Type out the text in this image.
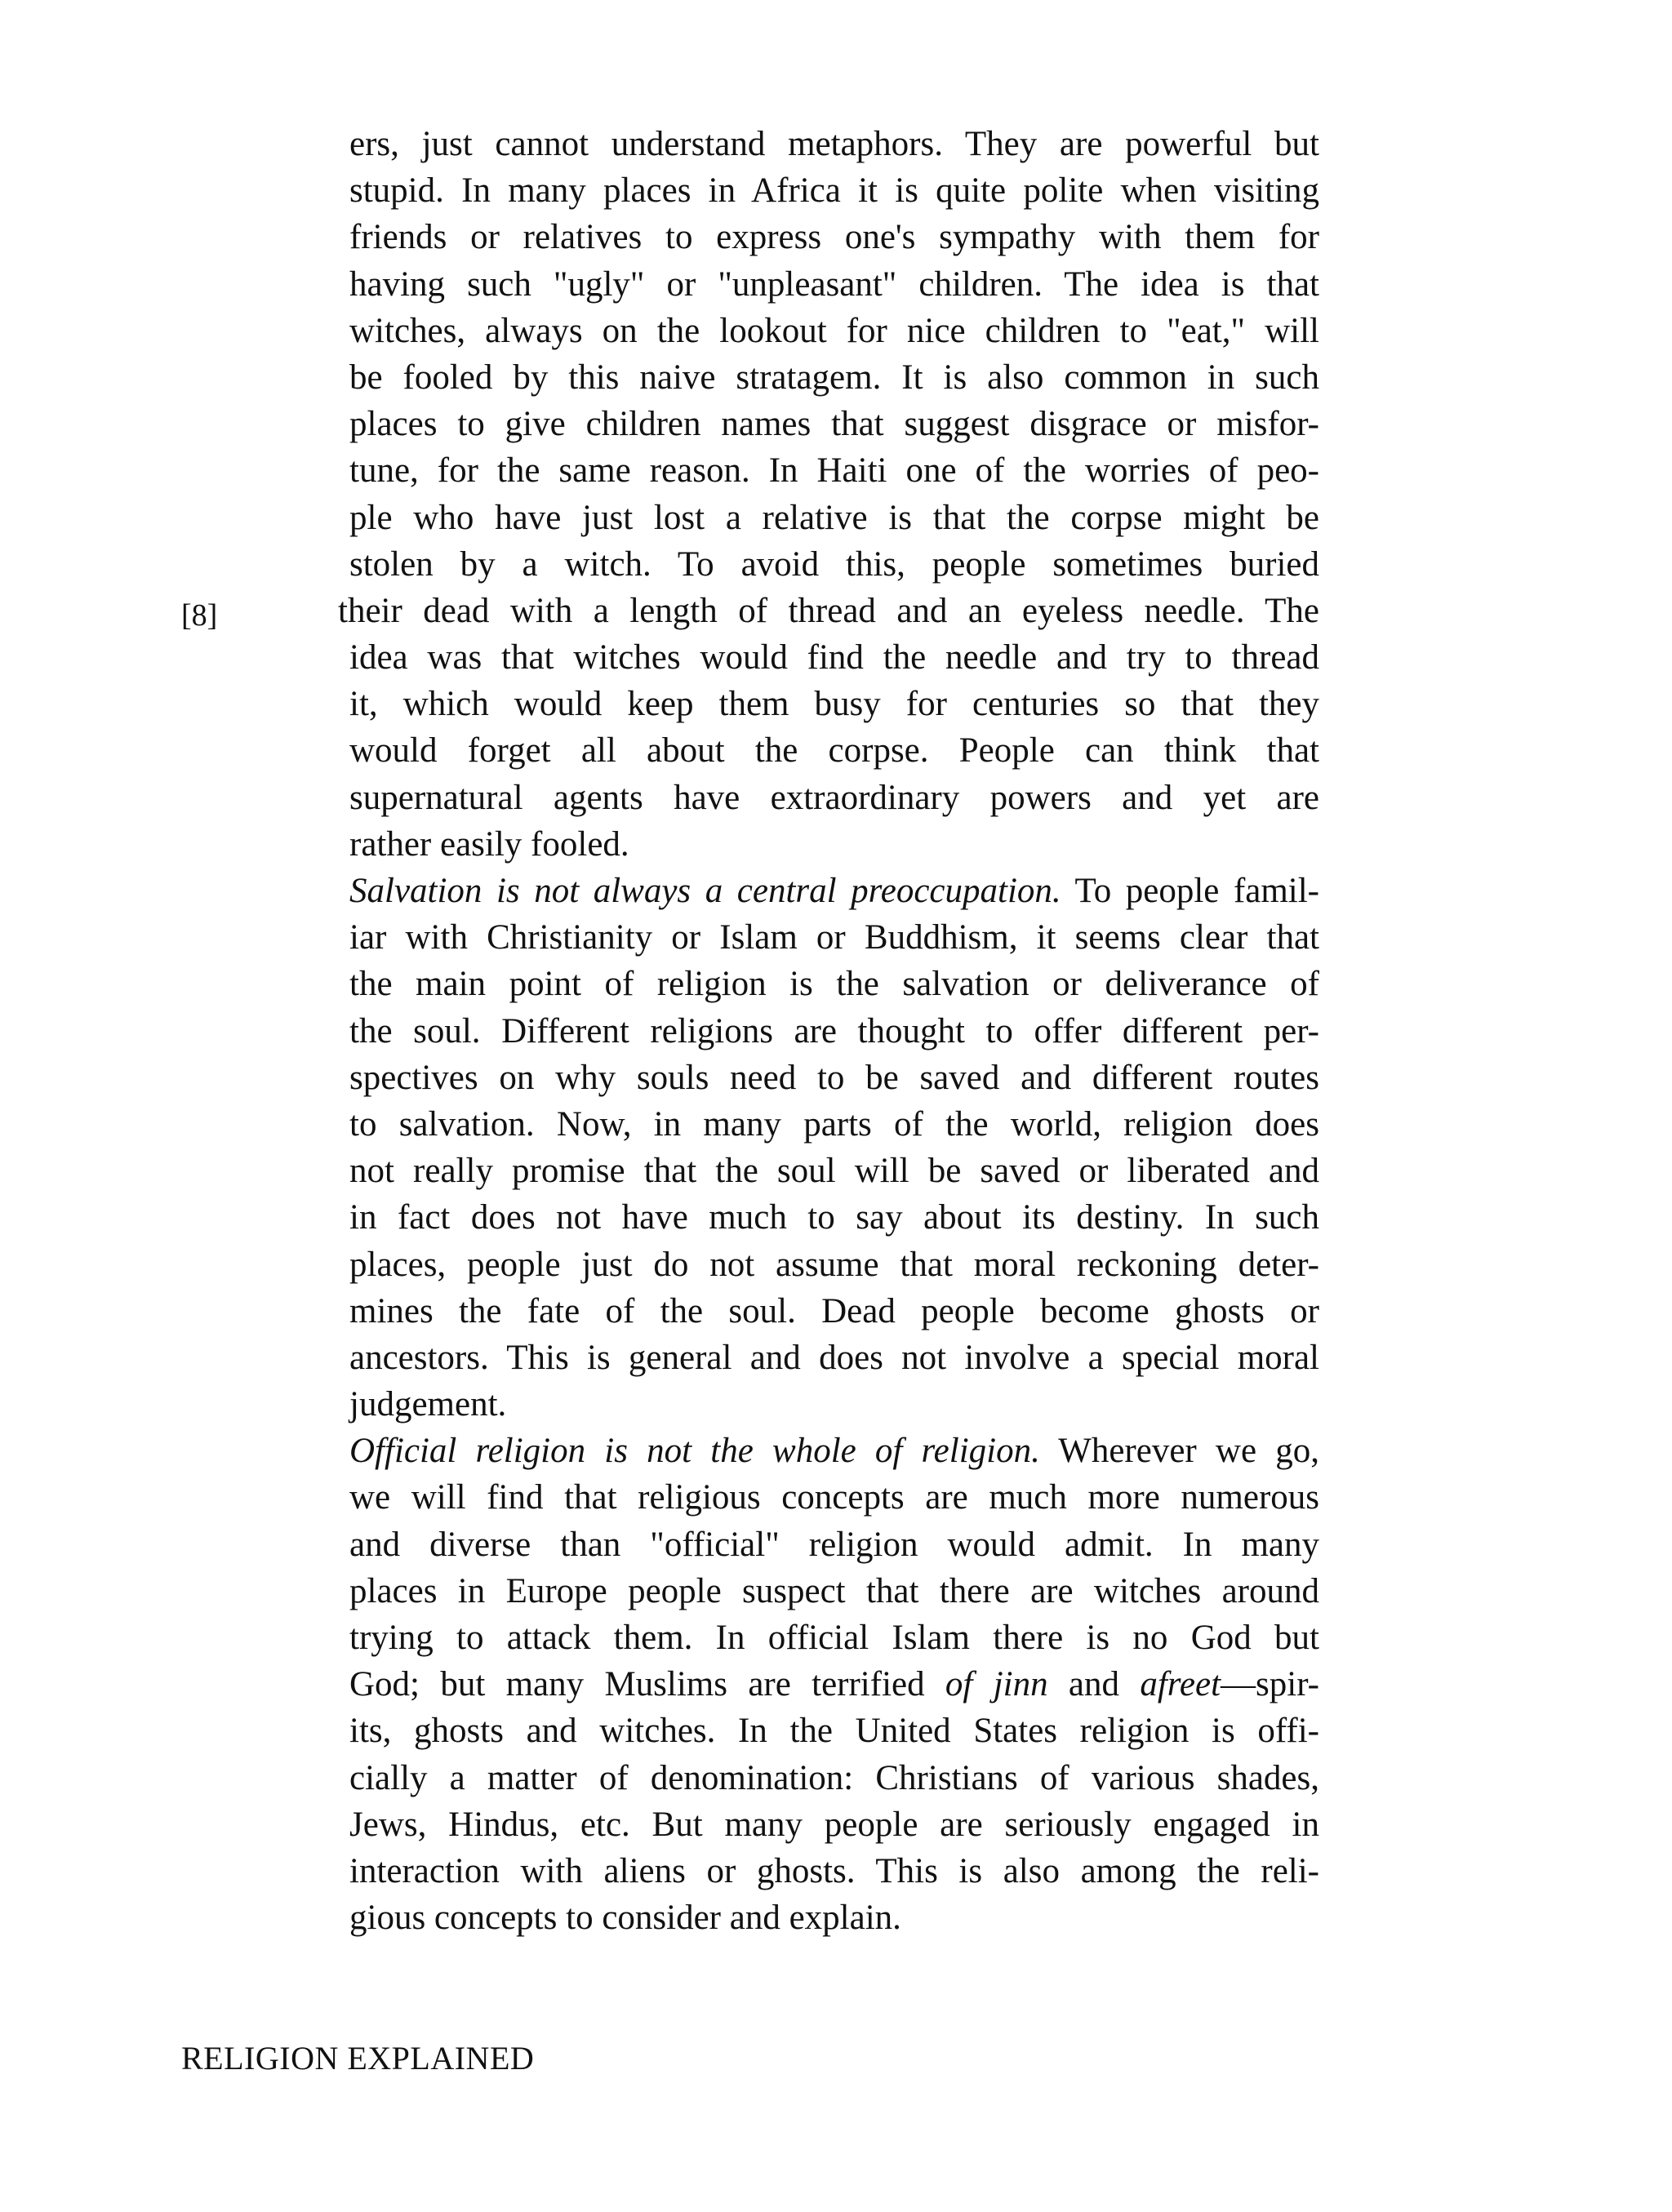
ers, just cannot understand metaphors. They are powerful but
stupid. In many places in Africa it is quite polite when visiting
friends or relatives to express one's sympathy with them for
having such "ugly" or "unpleasant" children. The idea is that
witches, always on the lookout for nice children to "eat," will
be fooled by this naive stratagem. It is also common in such
places to give children names that suggest disgrace or misfor-
tune, for the same reason. In Haiti one of the worries of peo-
ple who have just lost a relative is that the corpse might be
stolen by a witch. To avoid this, people sometimes buried
their dead with a length of thread and an eyeless needle. The
idea was that witches would find the needle and try to thread
it, which would keep them busy for centuries so that they
would forget all about the corpse. People can think that
supernatural agents have extraordinary powers and yet are
rather easily fooled.
Salvation is not always a central preoccupation. To people famil-
iar with Christianity or Islam or Buddhism, it seems clear that
the main point of religion is the salvation or deliverance of
the soul. Different religions are thought to offer different per-
spectives on why souls need to be saved and different routes
to salvation. Now, in many parts of the world, religion does
not really promise that the soul will be saved or liberated and
in fact does not have much to say about its destiny. In such
places, people just do not assume that moral reckoning deter-
mines the fate of the soul. Dead people become ghosts or
ancestors. This is general and does not involve a special moral
judgement.
Official religion is not the whole of religion. Wherever we go,
we will find that religious concepts are much more numerous
and diverse than "official" religion would admit. In many
places in Europe people suspect that there are witches around
trying to attack them. In official Islam there is no God but
God; but many Muslims are terrified of jinn and afreet—spir-
its, ghosts and witches. In the United States religion is offi-
cially a matter of denomination: Christians of various shades,
Jews, Hindus, etc. But many people are seriously engaged in
interaction with aliens or ghosts. This is also among the reli-
gious concepts to consider and explain.
[8]
RELIGION EXPLAINED
